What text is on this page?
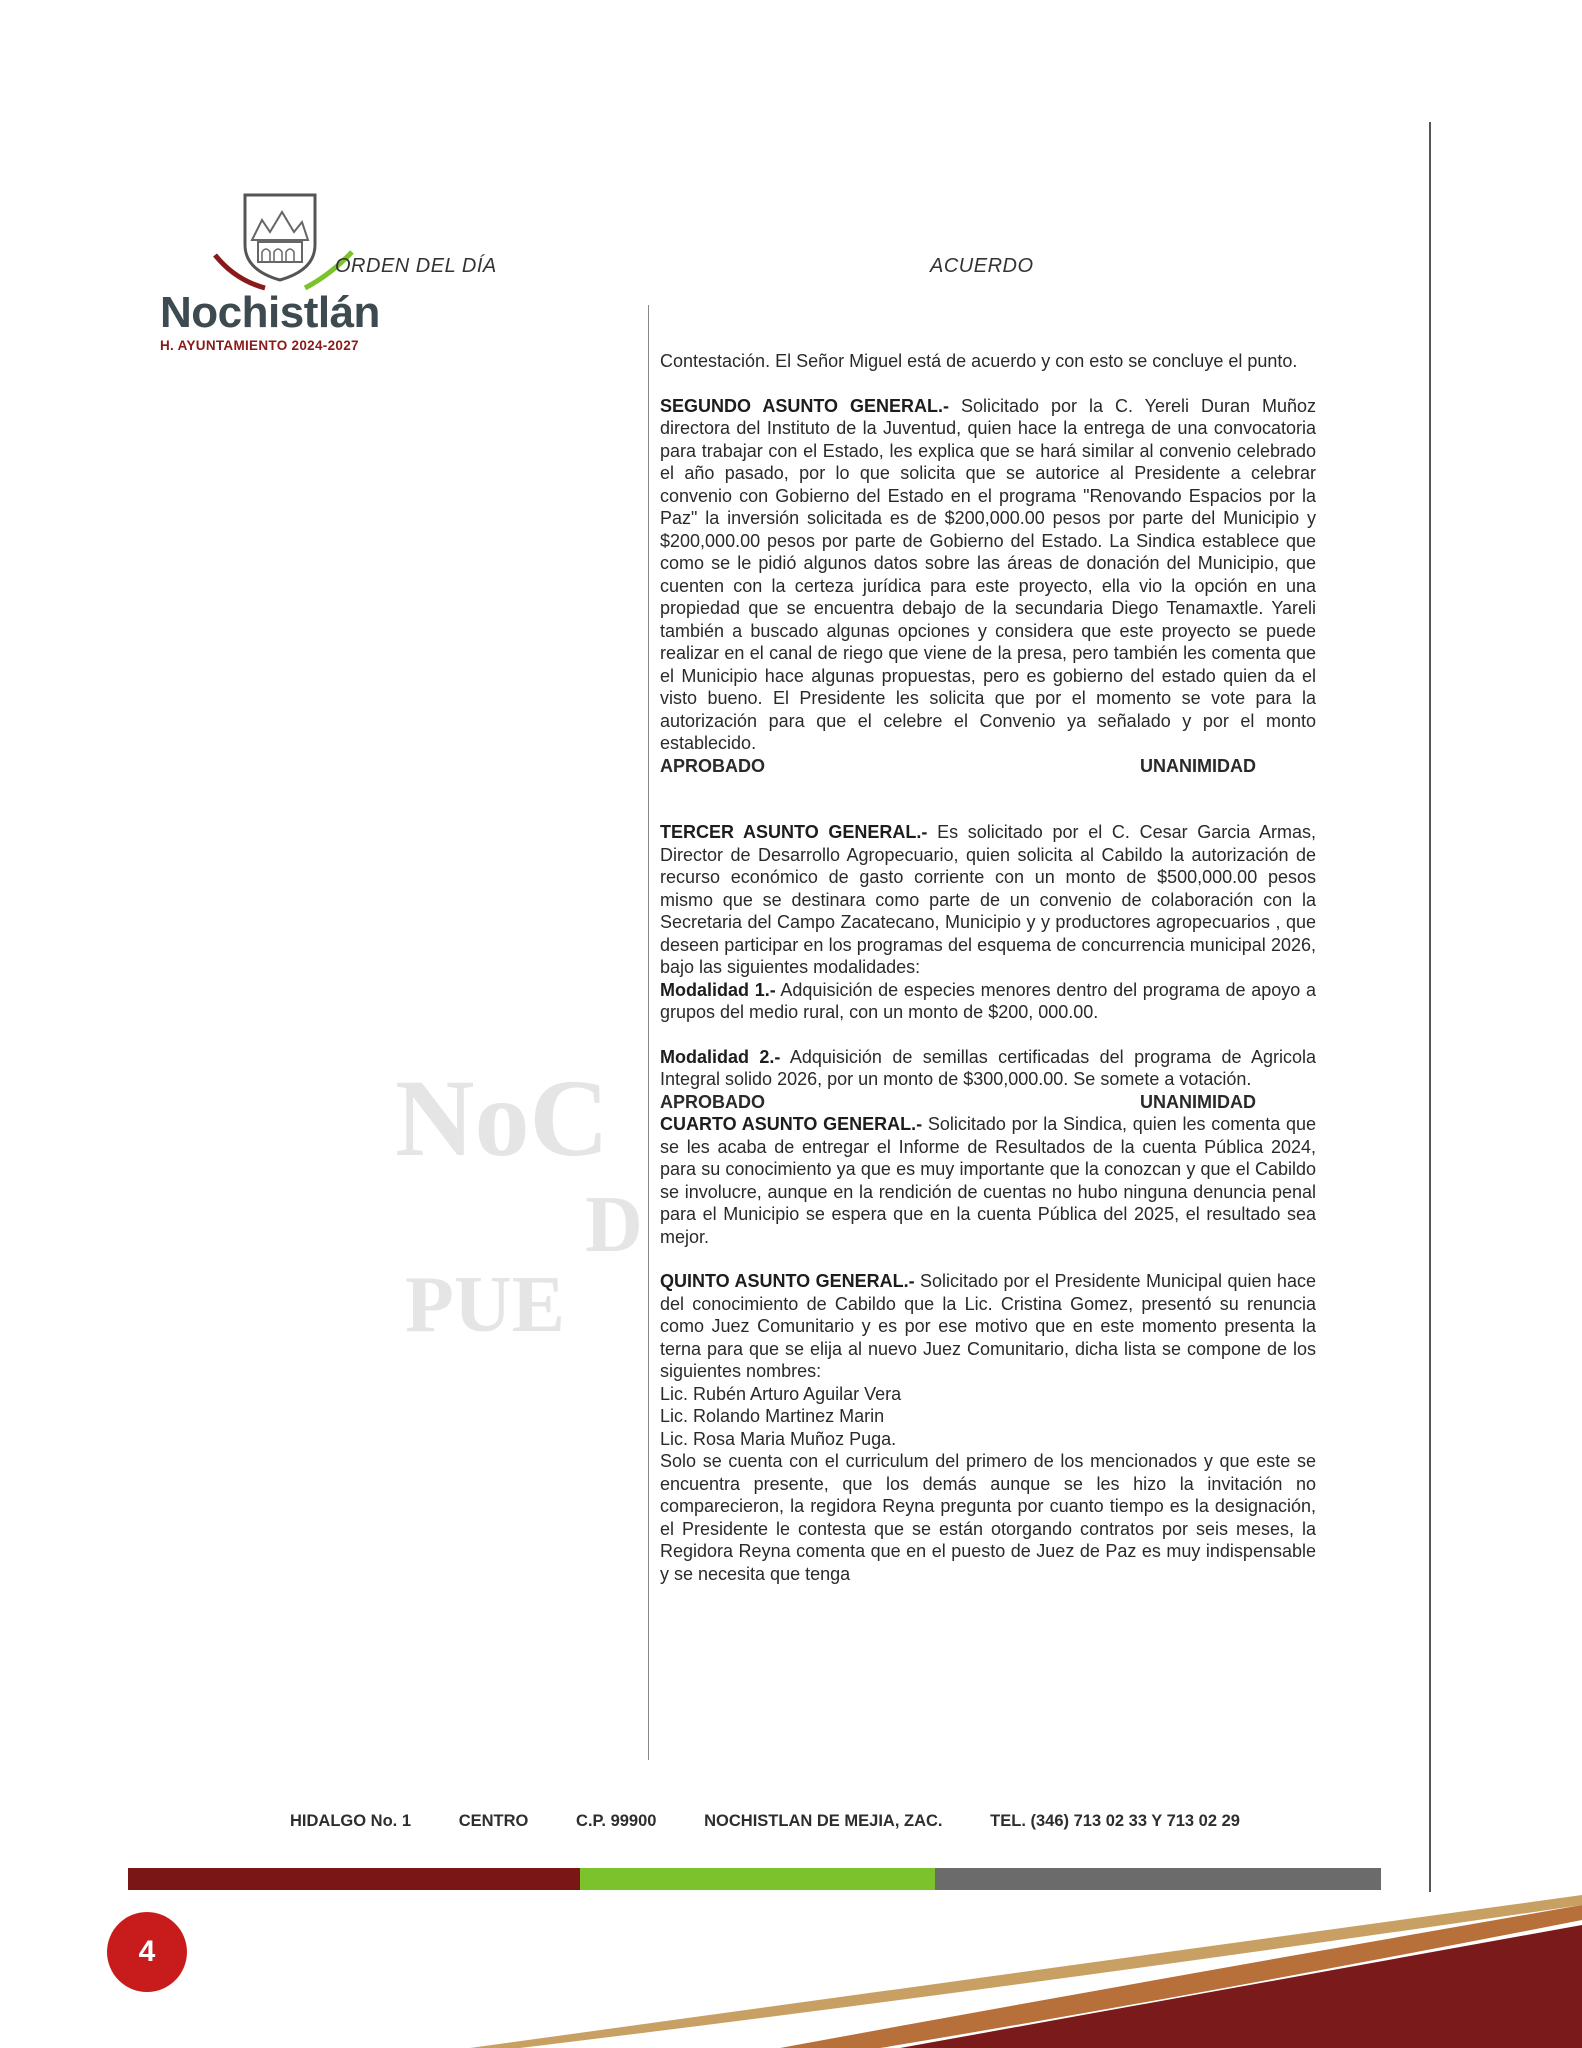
NoC
D
PUE
ORDEN DEL DÍA
Nochistlán
H. AYUNTAMIENTO 2024-2027
ACUERDO

Contestación. El Señor Miguel está de acuerdo y con esto se concluye el punto.

SEGUNDO ASUNTO GENERAL.- Solicitado por la C. Yereli Duran Muñoz directora del Instituto de la Juventud, quien hace la entrega de una convocatoria para trabajar con el Estado, les explica que se hará similar al convenio celebrado el año pasado, por lo que solicita que se autorice al Presidente a celebrar convenio con Gobierno del Estado en el programa "Renovando Espacios por la Paz" la inversión solicitada es de $200,000.00 pesos por parte del Municipio y $200,000.00 pesos por parte de Gobierno del Estado. La Sindica establece que como se le pidió algunos datos sobre las áreas de donación del Municipio, que cuenten con la certeza jurídica para este proyecto, ella vio la opción en una propiedad que se encuentra debajo de la secundaria Diego Tenamaxtle. Yareli también a buscado algunas opciones y considera que este proyecto se puede realizar en el canal de riego que viene de la presa, pero también les comenta que el Municipio hace algunas propuestas, pero es gobierno del estado quien da el visto bueno. El Presidente les solicita que por el momento se vote para la autorización para que el celebre el Convenio ya señalado y por el monto establecido.

APROBADO	UNANIMIDAD

TERCER ASUNTO GENERAL.- Es solicitado por el C. Cesar Garcia Armas, Director de Desarrollo Agropecuario, quien solicita al Cabildo la autorización de recurso económico de gasto corriente con un monto de $500,000.00 pesos mismo que se destinara como parte de un convenio de colaboración con la Secretaria del Campo Zacatecano, Municipio y y productores agropecuarios , que deseen participar en los programas del esquema de concurrencia municipal 2026, bajo las siguientes modalidades:

Modalidad 1.- Adquisición de especies menores dentro del programa de apoyo a grupos del medio rural, con un monto de $200, 000.00.

Modalidad 2.- Adquisición de semillas certificadas del programa de Agricola Integral solido 2026, por un monto de $300,000.00. Se somete a votación.

APROBADO	UNANIMIDAD

CUARTO ASUNTO GENERAL.- Solicitado por la Sindica, quien les comenta que se les acaba de entregar el Informe de Resultados de la cuenta Pública 2024, para su conocimiento ya que es muy importante que la conozcan y que el Cabildo se involucre, aunque en la rendición de cuentas no hubo ninguna denuncia penal para el Municipio se espera que en la cuenta Pública del 2025, el resultado sea mejor.

QUINTO ASUNTO GENERAL.- Solicitado por el Presidente Municipal quien hace del conocimiento de Cabildo que la Lic. Cristina Gomez, presentó su renuncia como Juez Comunitario y es por ese motivo que en este momento presenta la terna para que se elija al nuevo Juez Comunitario, dicha lista se compone de los siguientes nombres:

Lic. Rubén Arturo Aguilar Vera

Lic. Rolando Martinez Marin

Lic. Rosa Maria Muñoz Puga.

Solo se cuenta con el curriculum del primero de los mencionados y que este se encuentra presente, que los demás aunque se les hizo la invitación no comparecieron, la regidora Reyna pregunta por cuanto tiempo es la designación, el Presidente le contesta que se están otorgando contratos por seis meses, la Regidora Reyna comenta que en el puesto de Juez de Paz es muy indispensable y se necesita que tenga

HIDALGO No. 1	CENTRO	C.P. 99900	NOCHISTLAN DE MEJIA, ZAC.	TEL. (346) 713 02 33 Y 713 02 29
4
